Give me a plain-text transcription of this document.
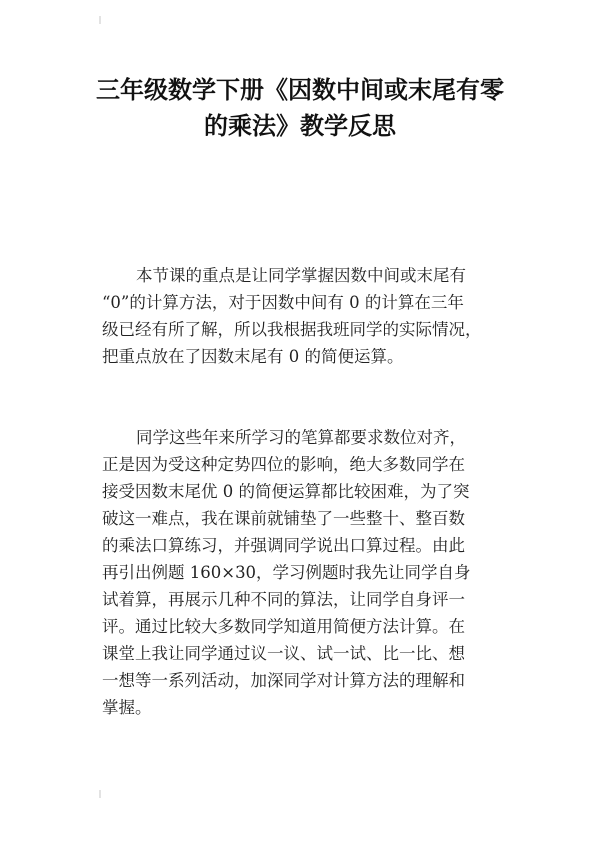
三年级数学下册《因数中间或末尾有零
的乘法》教学反思
本节课的重点是让同学掌握因数中间或末尾有
“0”的计算方法，对于因数中间有 0 的计算在三年
级已经有所了解，所以我根据我班同学的实际情况，
把重点放在了因数末尾有 0 的简便运算。
同学这些年来所学习的笔算都要求数位对齐，
正是因为受这种定势四位的影响，绝大多数同学在
接受因数末尾优 0 的简便运算都比较困难，为了突
破这一难点，我在课前就铺垫了一些整十、整百数
的乘法口算练习，并强调同学说出口算过程。由此
再引出例题 160×30，学习例题时我先让同学自身
试着算，再展示几种不同的算法，让同学自身评一
评。通过比较大多数同学知道用简便方法计算。在
课堂上我让同学通过议一议、试一试、比一比、想
一想等一系列活动，加深同学对计算方法的理解和
掌握。
